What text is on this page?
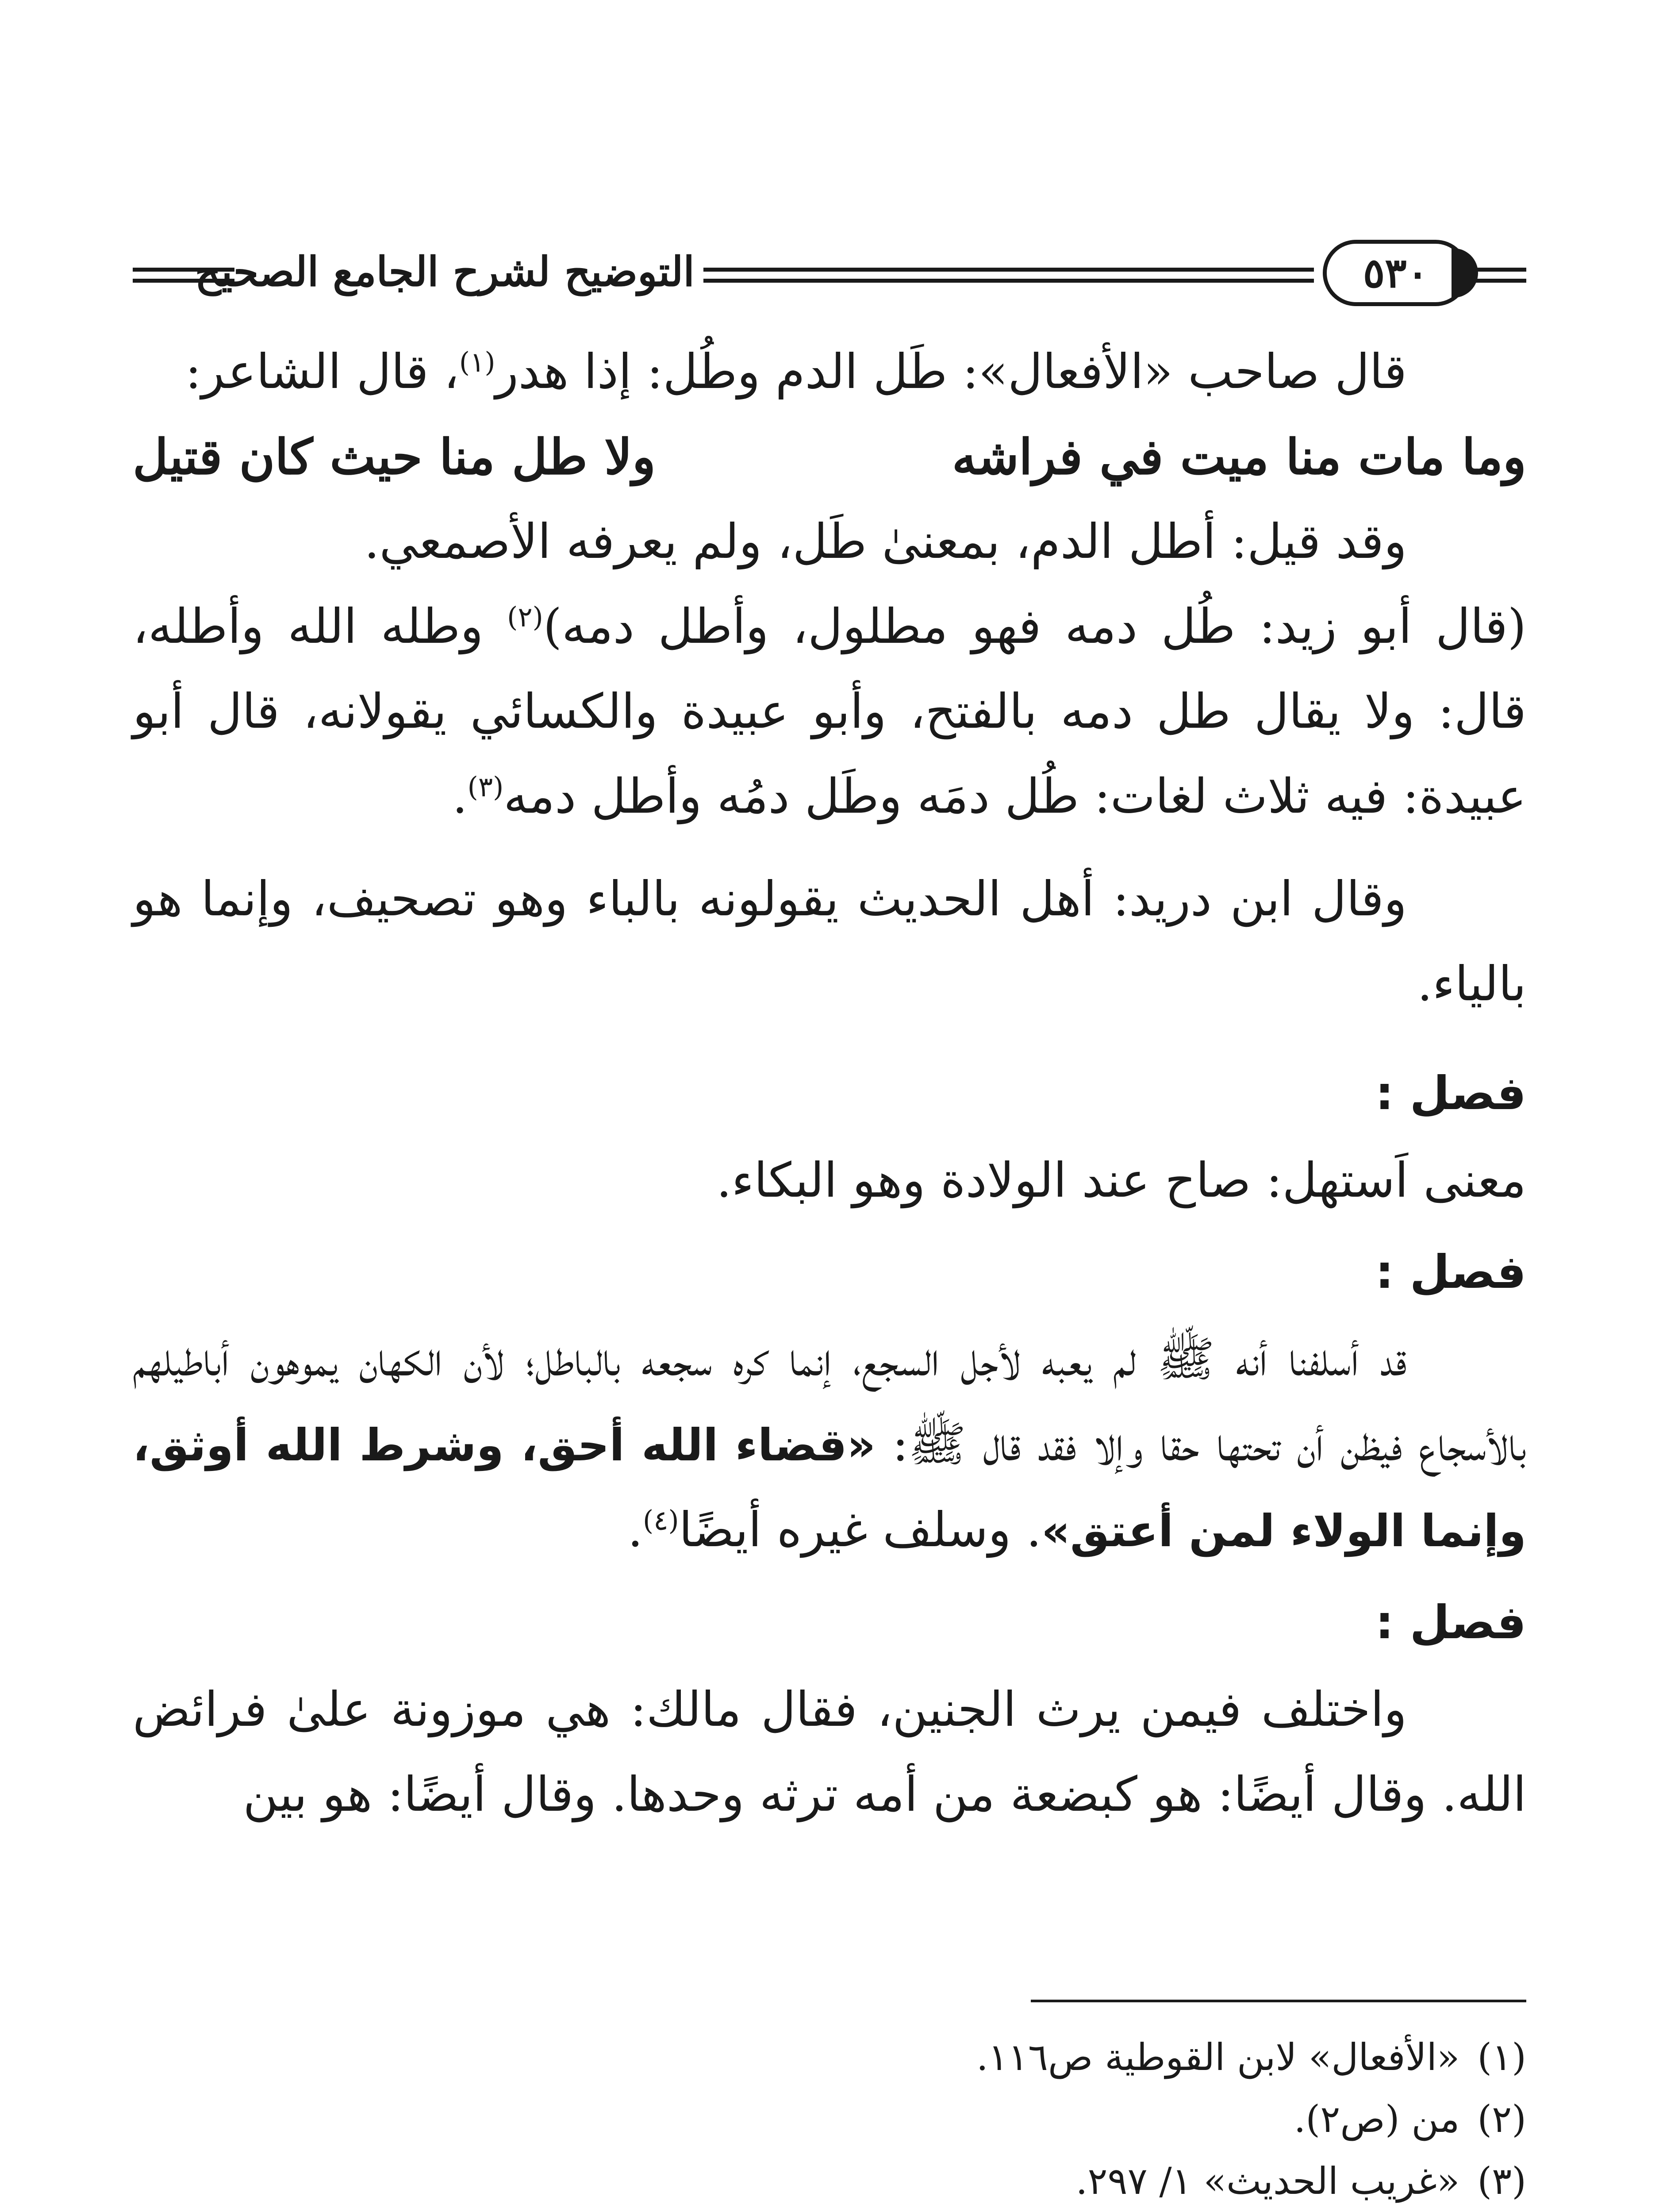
التوضيح لشرح الجامع الصحيح	٥٣٠

قال صاحب «الأفعال»: طَل الدم وطُل: إذا هدر$^{(١)}$، قال الشاعر:

وما مات منا ميت في فراشه
ولا طل منا حيث كان قتيل

وقد قيل: أطل الدم، بمعنىٰ طَل، ولم يعرفه الأصمعي.

(قال أبو زيد: طُل دمه فهو مطلول، وأطل دمه)$^{(٢)}$ وطله الله وأطله، قال: ولا يقال طل دمه بالفتح، وأبو عبيدة والكسائي يقولانه، قال أبو عبيدة: فيه ثلاث لغات: طُل دمَه وطَل دمُه وأطل دمه$^{(٣)}$.

وقال ابن دريد: أهل الحديث يقولونه بالباء وهو تصحيف، وإنما هو بالياء.

فصل :

معنى اَستهل: صاح عند الولادة وهو البكاء.

فصل :

قد أسلفنا أنه ﷺ لم يعبه لأجل السجع، إنما كره سجعه بالباطل؛ لأن الكهان يموهون أباطيلهم بالأسجاع فيظن أن تحتها حقا وإلا فقد قال ﷺ: «قضاء الله أحق، وشرط الله أوثق، وإنما الولاء لمن أعتق». وسلف غيره أيضًا$^{(٤)}$.

فصل :

واختلف فيمن يرث الجنين، فقال مالك: هي موزونة علىٰ فرائض الله. وقال أيضًا: هو كبضعة من أمه ترثه وحدها. وقال أيضًا: هو بين

(١)
«الأفعال» لابن القوطية ص١١٦.

(٢)
من (ص٢).

(٣)
«غريب الحديث» ١/ ٢٩٧.
